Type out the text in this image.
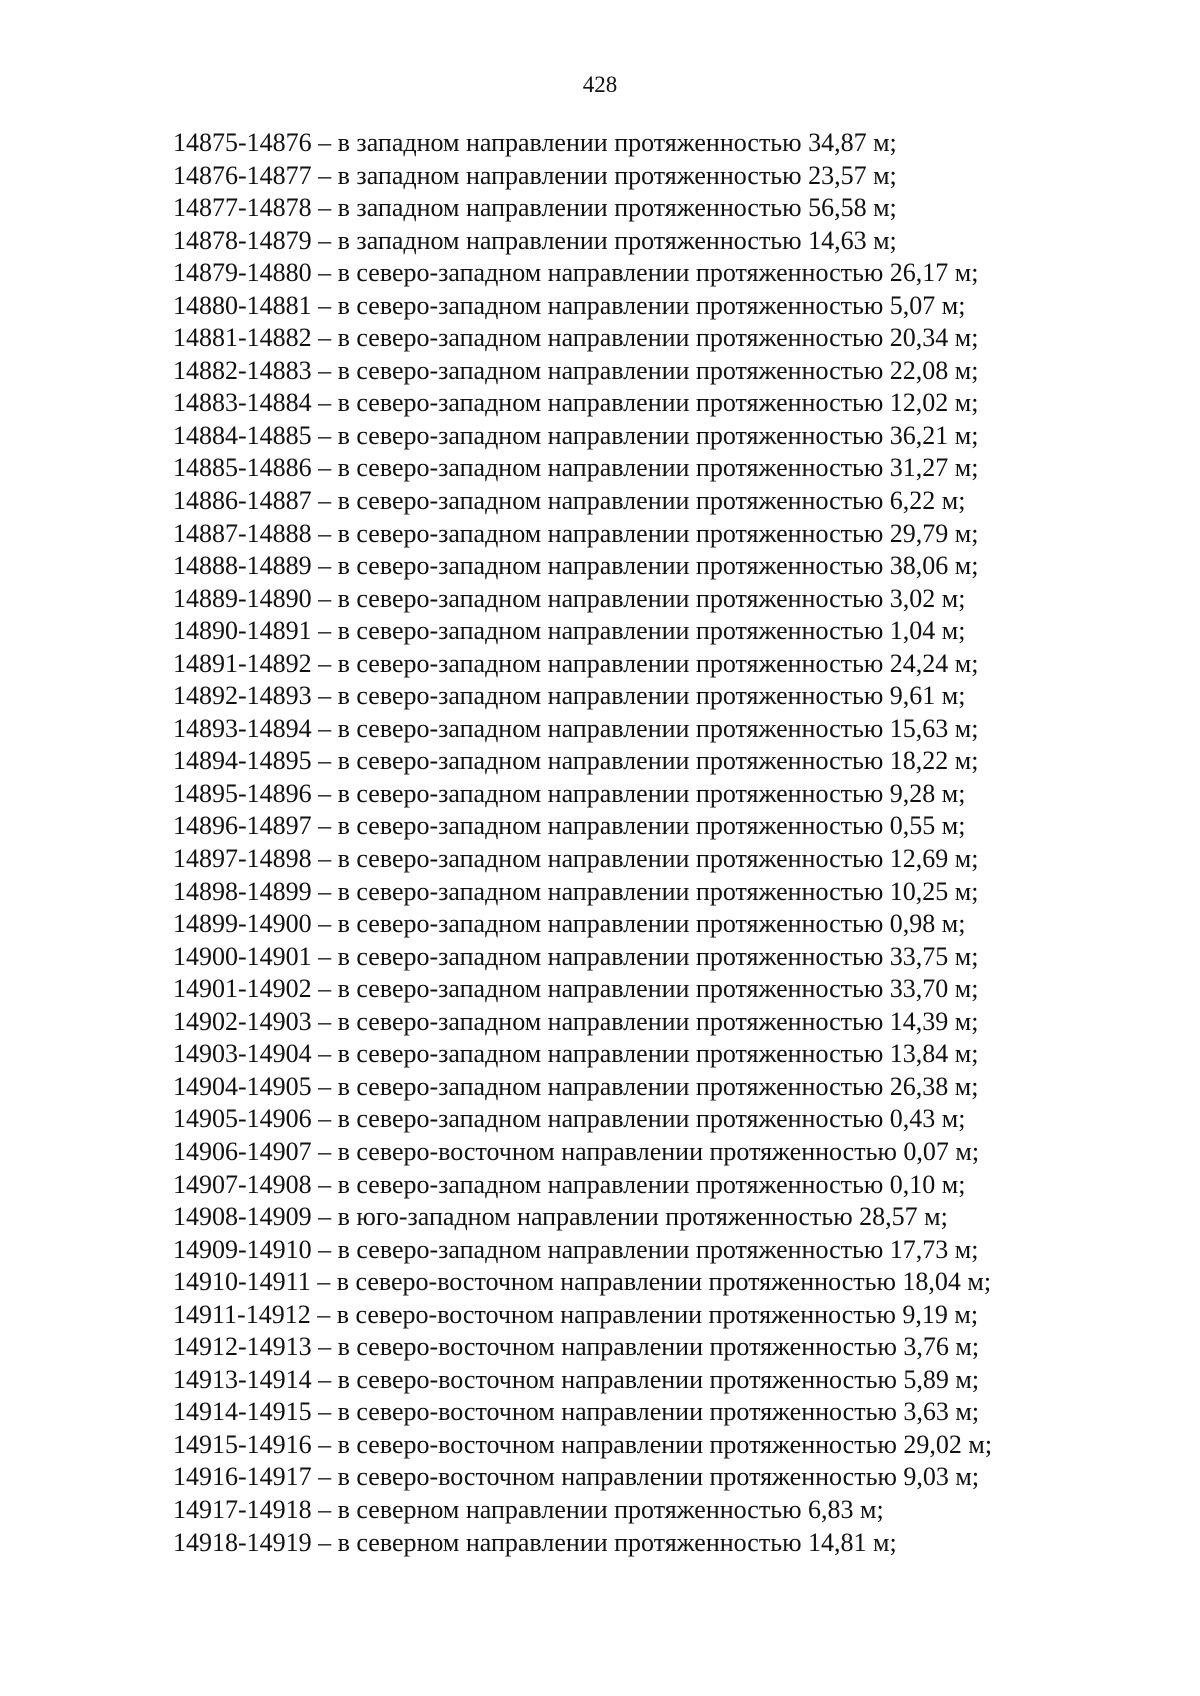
428
14875-14876 – в западном направлении протяженностью 34,87 м;
14876-14877 – в западном направлении протяженностью 23,57 м;
14877-14878 – в западном направлении протяженностью 56,58 м;
14878-14879 – в западном направлении протяженностью 14,63 м;
14879-14880 – в северо-западном направлении протяженностью 26,17 м;
14880-14881 – в северо-западном направлении протяженностью 5,07 м;
14881-14882 – в северо-западном направлении протяженностью 20,34 м;
14882-14883 – в северо-западном направлении протяженностью 22,08 м;
14883-14884 – в северо-западном направлении протяженностью 12,02 м;
14884-14885 – в северо-западном направлении протяженностью 36,21 м;
14885-14886 – в северо-западном направлении протяженностью 31,27 м;
14886-14887 – в северо-западном направлении протяженностью 6,22 м;
14887-14888 – в северо-западном направлении протяженностью 29,79 м;
14888-14889 – в северо-западном направлении протяженностью 38,06 м;
14889-14890 – в северо-западном направлении протяженностью 3,02 м;
14890-14891 – в северо-западном направлении протяженностью 1,04 м;
14891-14892 – в северо-западном направлении протяженностью 24,24 м;
14892-14893 – в северо-западном направлении протяженностью 9,61 м;
14893-14894 – в северо-западном направлении протяженностью 15,63 м;
14894-14895 – в северо-западном направлении протяженностью 18,22 м;
14895-14896 – в северо-западном направлении протяженностью 9,28 м;
14896-14897 – в северо-западном направлении протяженностью 0,55 м;
14897-14898 – в северо-западном направлении протяженностью 12,69 м;
14898-14899 – в северо-западном направлении протяженностью 10,25 м;
14899-14900 – в северо-западном направлении протяженностью 0,98 м;
14900-14901 – в северо-западном направлении протяженностью 33,75 м;
14901-14902 – в северо-западном направлении протяженностью 33,70 м;
14902-14903 – в северо-западном направлении протяженностью 14,39 м;
14903-14904 – в северо-западном направлении протяженностью 13,84 м;
14904-14905 – в северо-западном направлении протяженностью 26,38 м;
14905-14906 – в северо-западном направлении протяженностью 0,43 м;
14906-14907 – в северо-восточном направлении протяженностью 0,07 м;
14907-14908 – в северо-западном направлении протяженностью 0,10 м;
14908-14909 – в юго-западном направлении протяженностью 28,57 м;
14909-14910 – в северо-западном направлении протяженностью 17,73 м;
14910-14911 – в северо-восточном направлении протяженностью 18,04 м;
14911-14912 – в северо-восточном направлении протяженностью 9,19 м;
14912-14913 – в северо-восточном направлении протяженностью 3,76 м;
14913-14914 – в северо-восточном направлении протяженностью 5,89 м;
14914-14915 – в северо-восточном направлении протяженностью 3,63 м;
14915-14916 – в северо-восточном направлении протяженностью 29,02 м;
14916-14917 – в северо-восточном направлении протяженностью 9,03 м;
14917-14918 – в северном направлении протяженностью 6,83 м;
14918-14919 – в северном направлении протяженностью 14,81 м;
